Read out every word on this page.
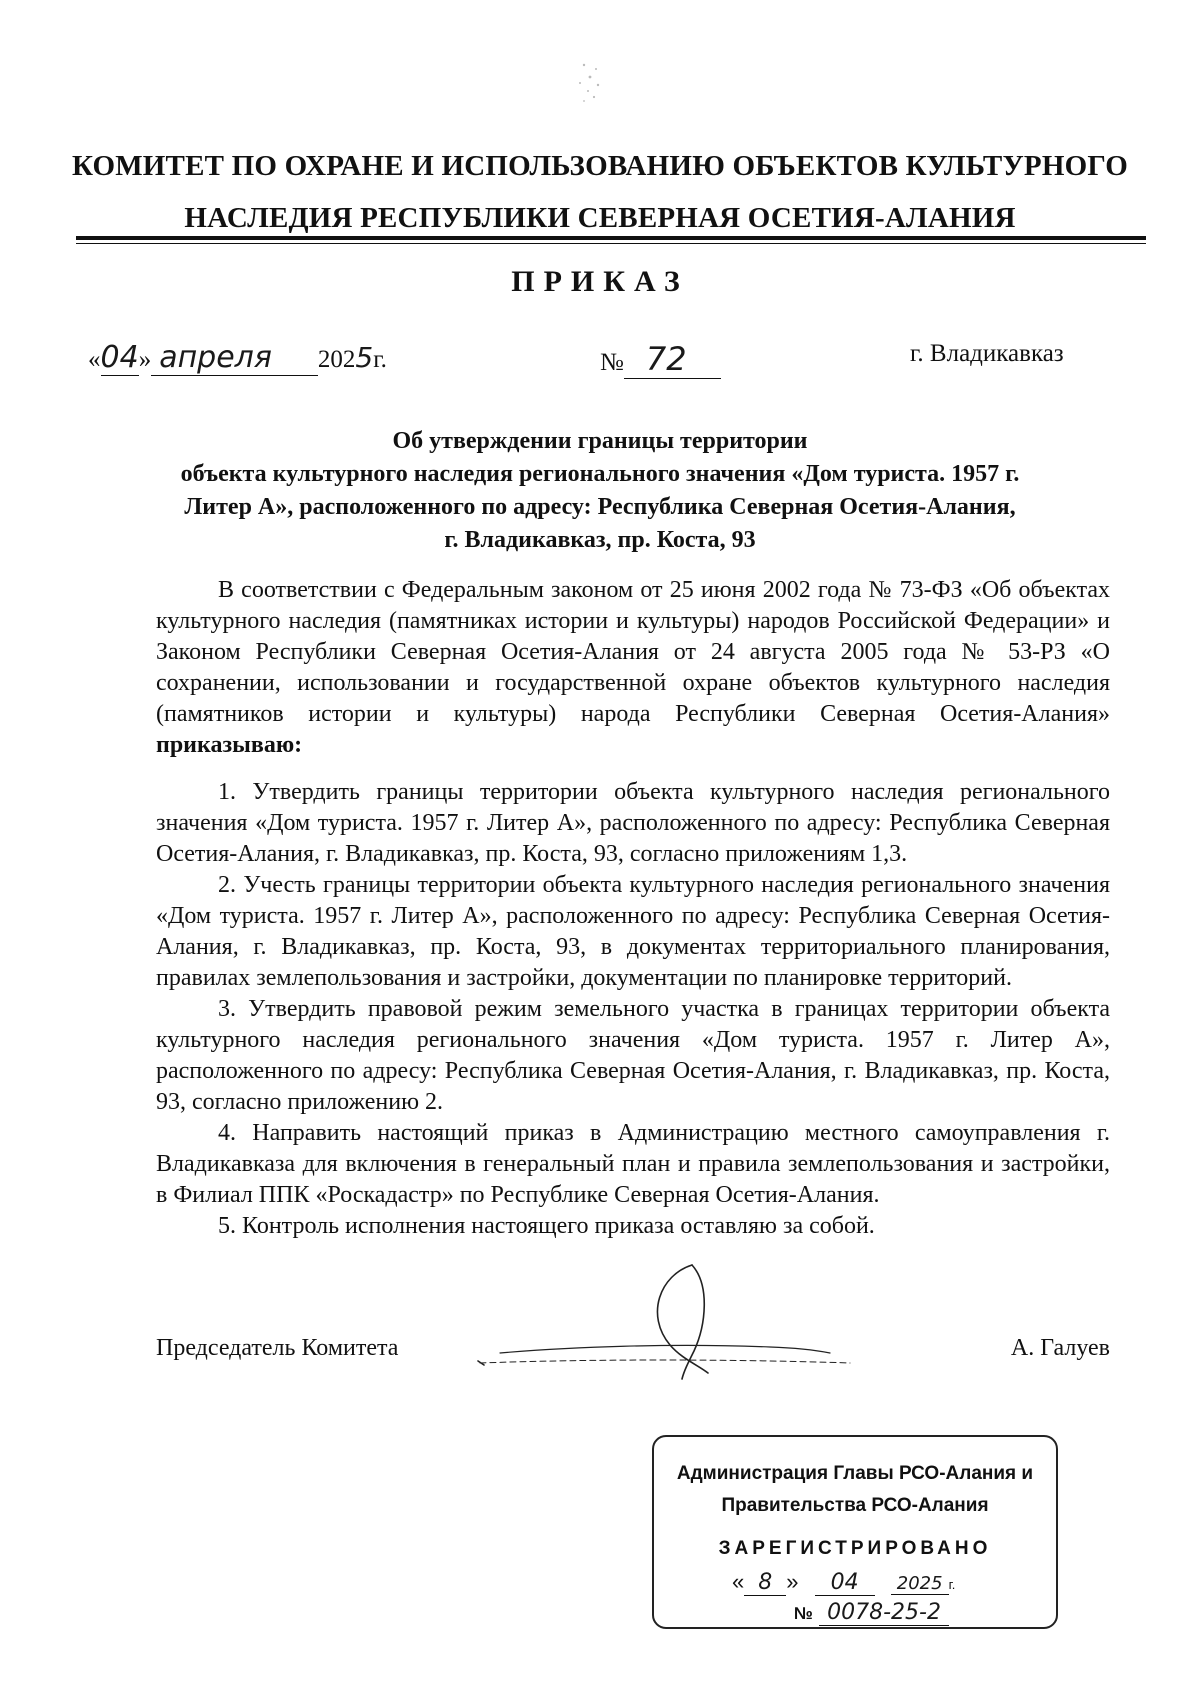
КОМИТЕТ ПО ОХРАНЕ И ИСПОЛЬЗОВАНИЮ ОБЪЕКТОВ КУЛЬТУРНОГО
НАСЛЕДИЯ РЕСПУБЛИКИ СЕВЕРНАЯ ОСЕТИЯ-АЛАНИЯ
ПРИКАЗ
«04» апреля 2025г.	№ 72	г. Владикавказ
Об утверждении границы территории
объекта культурного наследия регионального значения «Дом туриста. 1957 г.
Литер А», расположенного по адресу: Республика Северная Осетия-Алания,
г. Владикавказ, пр. Коста, 93

В соответствии с Федеральным законом от 25 июня 2002 года № 73-ФЗ «Об объектах культурного наследия (памятниках истории и культуры) народов Российской Федерации» и Законом Республики Северная Осетия-Алания от 24 августа 2005 года № 53-РЗ «О сохранении, использовании и государственной охране объектов культурного наследия (памятников истории и культуры) народа Республики Северная Осетия-Алания» приказываю:

1. Утвердить границы территории объекта культурного наследия регионального значения «Дом туриста. 1957 г. Литер А», расположенного по адресу: Республика Северная Осетия-Алания, г. Владикавказ, пр. Коста, 93, согласно приложениям 1,3.

2. Учесть границы территории объекта культурного наследия регионального значения «Дом туриста. 1957 г. Литер А», расположенного по адресу: Республика Северная Осетия-Алания, г. Владикавказ, пр. Коста, 93, в документах территориального планирования, правилах землепользования и застройки, документации по планировке территорий.

3. Утвердить правовой режим земельного участка в границах территории объекта культурного наследия регионального значения «Дом туриста. 1957 г. Литер А», расположенного по адресу: Республика Северная Осетия-Алания, г. Владикавказ, пр. Коста, 93, согласно приложению 2.

4. Направить настоящий приказ в Администрацию местного самоуправления г. Владикавказа для включения в генеральный план и правила землепользования и застройки, в Филиал ППК «Роскадастр» по Республике Северная Осетия-Алания.

5. Контроль исполнения настоящего приказа оставляю за собой.

Председатель Комитета	А. Галуев
Администрация Главы РСО-Алания и
Правительства РСО-Алания
ЗАРЕГИСТРИРОВАНО
« 8 » 04 2025 г.
№ 0078-25-2
